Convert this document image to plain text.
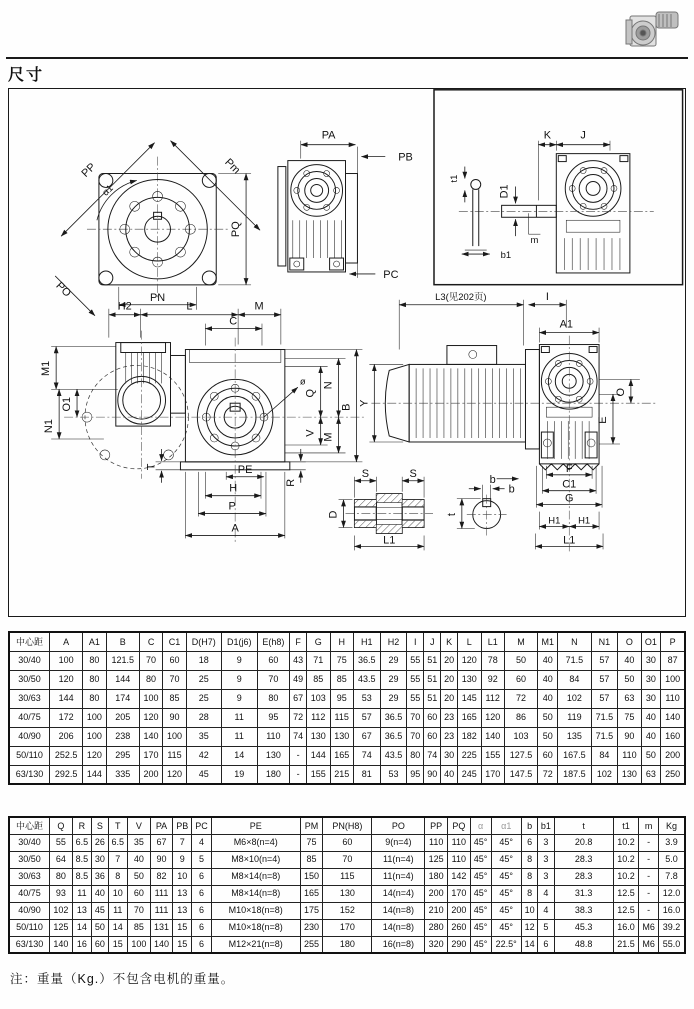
尺寸
PP	Pm
α1
PO	PN
PQ
PA
PB
PC
K	J
D1
m
b1
t1
M1
O1
N1
T
R
PE
H
P
A
H2	L	M
C
ø
Q
N
B
V M
Y
O
E
b
F
C1
G
H1 H1
L1
L3(见202页)	I
A1
S	S
D
L1
b
t
中心距	A	A1	B	C	C1	D(H7)	D1(j6)	E(h8)	F	G	H	H1	H2	I	J	K	L	L1	M	M1	N	N1	O	O1	P
30/40	100	80	121.5	70	60	18	9	60	43	71	75	36.5	29	55	51	20	120	78	50	40	71.5	57	40	30	87
30/50	120	80	144	80	70	25	9	70	49	85	85	43.5	29	55	51	20	130	92	60	40	84	57	50	30	100
30/63	144	80	174	100	85	25	9	80	67	103	95	53	29	55	51	20	145	112	72	40	102	57	63	30	110
40/75	172	100	205	120	90	28	11	95	72	112	115	57	36.5	70	60	23	165	120	86	50	119	71.5	75	40	140
40/90	206	100	238	140	100	35	11	110	74	130	130	67	36.5	70	60	23	182	140	103	50	135	71.5	90	40	160
50/110	252.5	120	295	170	115	42	14	130	-	144	165	74	43.5	80	74	30	225	155	127.5	60	167.5	84	110	50	200
63/130	292.5	144	335	200	120	45	19	180	-	155	215	81	53	95	90	40	245	170	147.5	72	187.5	102	130	63	250
中心距	Q	R	S	T	V	PA	PB	PC	PE	PM	PN(H8)	PO	PP	PQ	α	α1	b	b1	t	t1	m	Kg
30/40	55	6.5	26	6.5	35	67	7	4	M6×8(n=4)	75	60	9(n=4)	110	110	45°	45°	6	3	20.8	10.2	-	3.9
30/50	64	8.5	30	7	40	90	9	5	M8×10(n=4)	85	70	11(n=4)	125	110	45°	45°	8	3	28.3	10.2	-	5.0
30/63	80	8.5	36	8	50	82	10	6	M8×14(n=8)	150	115	11(n=4)	180	142	45°	45°	8	3	28.3	10.2	-	7.8
40/75	93	11	40	10	60	111	13	6	M8×14(n=8)	165	130	14(n=4)	200	170	45°	45°	8	4	31.3	12.5	-	12.0
40/90	102	13	45	11	70	111	13	6	M10×18(n=8)	175	152	14(n=8)	210	200	45°	45°	10	4	38.3	12.5	-	16.0
50/110	125	14	50	14	85	131	15	6	M10×18(n=8)	230	170	14(n=8)	280	260	45°	45°	12	5	45.3	16.0	M6	39.2
63/130	140	16	60	15	100	140	15	6	M12×21(n=8)	255	180	16(n=8)	320	290	45°	22.5°	14	6	48.8	21.5	M6	55.0
注：重量（Kg.）不包含电机的重量。
